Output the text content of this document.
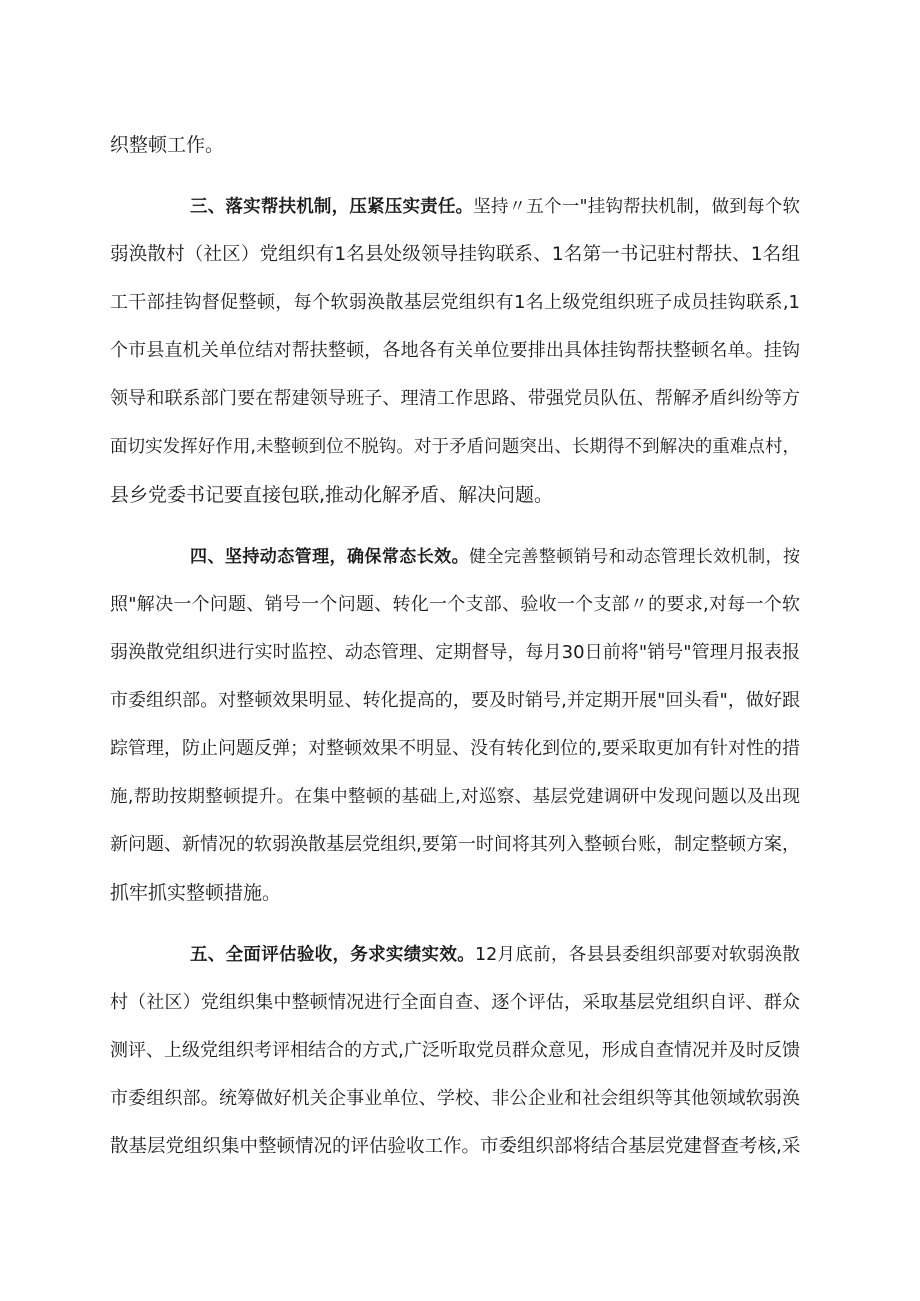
织整顿工作。
三、落实帮扶机制，压紧压实责任。坚持〃五个一"挂钩帮扶机制，做到每个软
弱涣散村（社区）党组织有1名县处级领导挂钩联系、1名第一书记驻村帮扶、1名组
工干部挂钩督促整顿，每个软弱涣散基层党组织有1名上级党组织班子成员挂钩联系,1
个市县直机关单位结对帮扶整顿，各地各有关单位要排出具体挂钩帮扶整顿名单。挂钩
领导和联系部门要在帮建领导班子、理清工作思路、带强党员队伍、帮解矛盾纠纷等方
面切实发挥好作用,未整顿到位不脱钩。对于矛盾问题突出、长期得不到解决的重难点村，
县乡党委书记要直接包联,推动化解矛盾、解决问题。
四、坚持动态管理，确保常态长效。健全完善整顿销号和动态管理长效机制，按
照"解决一个问题、销号一个问题、转化一个支部、验收一个支部〃的要求,对每一个软
弱涣散党组织进行实时监控、动态管理、定期督导，每月30日前将"销号"管理月报表报
市委组织部。对整顿效果明显、转化提高的，要及时销号,并定期开展"回头看"，做好跟
踪管理，防止问题反弹；对整顿效果不明显、没有转化到位的,要采取更加有针对性的措
施,帮助按期整顿提升。在集中整顿的基础上,对巡察、基层党建调研中发现问题以及出现
新问题、新情况的软弱涣散基层党组织,要第一时间将其列入整顿台账，制定整顿方案，
抓牢抓实整顿措施。
五、全面评估验收，务求实绩实效。12月底前，各县县委组织部要对软弱涣散
村（社区）党组织集中整顿情况进行全面自查、逐个评估，采取基层党组织自评、群众
测评、上级党组织考评相结合的方式,广泛听取党员群众意见，形成自查情况并及时反馈
市委组织部。统筹做好机关企事业单位、学校、非公企业和社会组织等其他领域软弱涣
散基层党组织集中整顿情况的评估验收工作。市委组织部将结合基层党建督查考核,采
